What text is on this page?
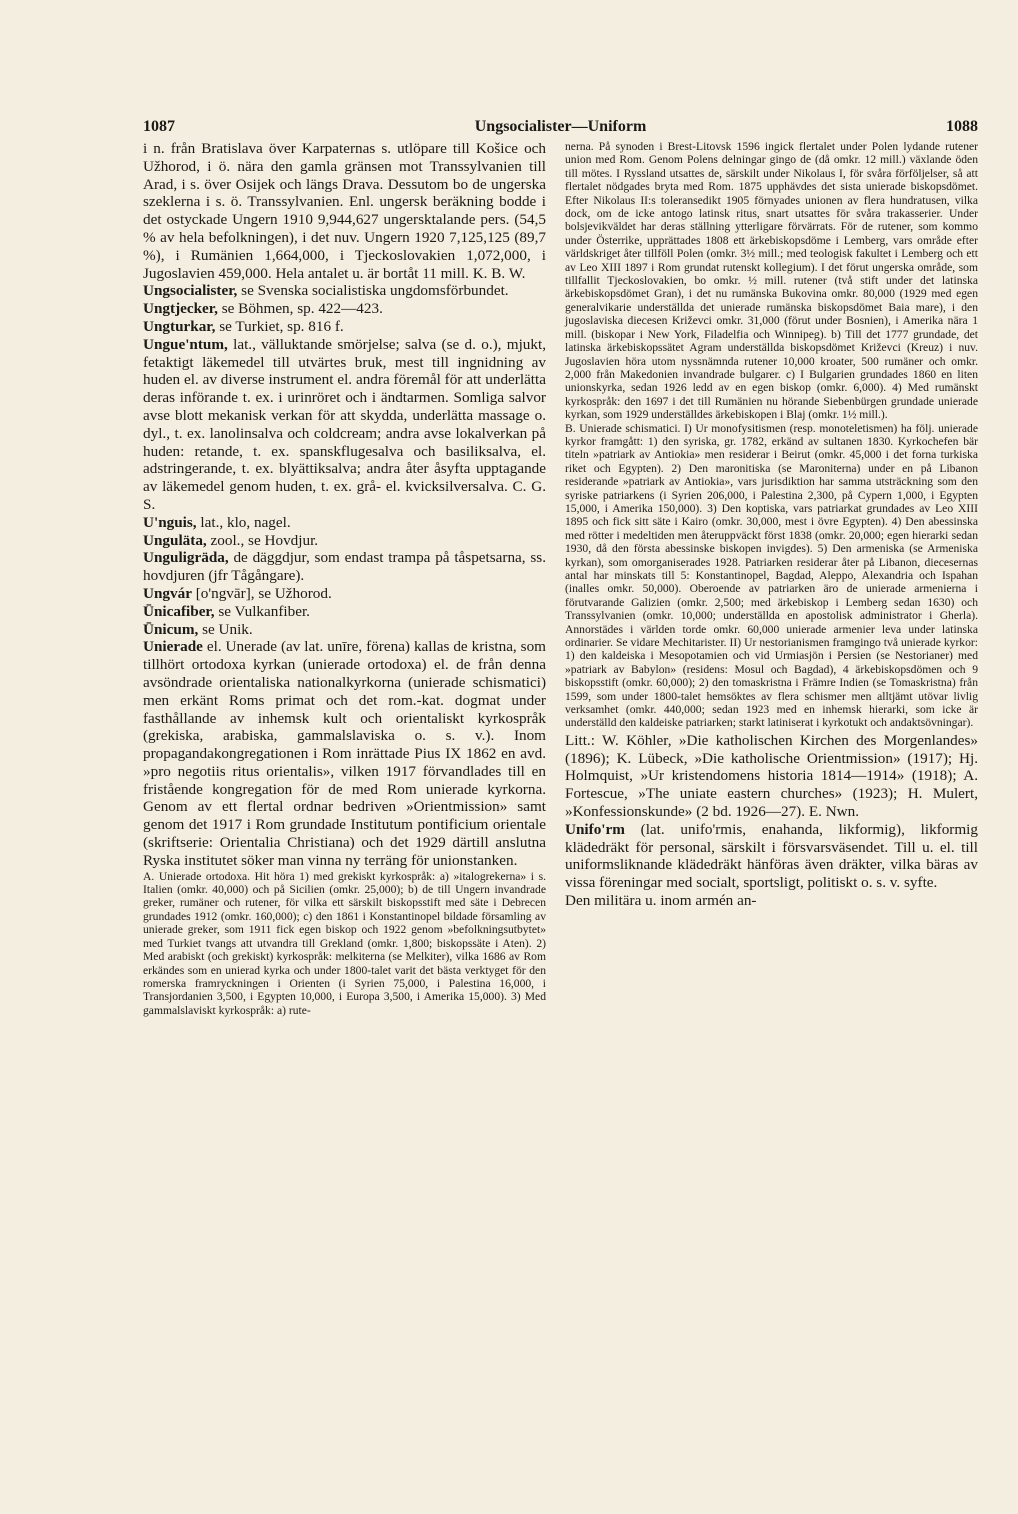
1087	Ungsocialister—Uniform	1088

i n. från Bratislava över Karpaternas s. utlöpare till Košice och Užhorod, i ö. nära den gamla gränsen mot Transsylvanien till Arad, i s. över Osijek och längs Drava. Dessutom bo de ungerska szeklerna i s. ö. Transsylvanien. Enl. ungersk beräkning bodde i det ostyckade Ungern 1910 9,944,627 ungersktalande pers. (54,5 % av hela befolkningen), i det nuv. Ungern 1920 7,125,125 (89,7 %), i Rumänien 1,664,000, i Tjeckoslovakien 1,072,000, i Jugoslavien 459,000. Hela antalet u. är bortåt 11 mill. K. B. W.

Ungsocialister, se Svenska socialistiska ungdomsförbundet.

Ungtjecker, se Böhmen, sp. 422—423.

Ungturkar, se Turkiet, sp. 816 f.

Ungue'ntum, lat., välluktande smörjelse; salva (se d. o.), mjukt, fetaktigt läkemedel till utvärtes bruk, mest till ingnidning av huden el. av diverse instrument el. andra föremål för att underlätta deras införande t. ex. i urinröret och i ändtarmen. Somliga salvor avse blott mekanisk verkan för att skydda, underlätta massage o. dyl., t. ex. lanolinsalva och coldcream; andra avse lokalverkan på huden: retande, t. ex. spanskflugesalva och basiliksalva, el. adstringerande, t. ex. blyättiksalva; andra åter åsyfta upptagande av läkemedel genom huden, t. ex. grå- el. kvicksilversalva. C. G. S.

U'nguis, lat., klo, nagel.

Unguläta, zool., se Hovdjur.

Unguligräda, de däggdjur, som endast trampa på tåspetsarna, ss. hovdjuren (jfr Tågångare).

Ungvár [o'ngvār], se Užhorod.

Ūnicafiber, se Vulkanfiber.

Ūnicum, se Unik.

Unierade el. Unerade (av lat. unīre, förena) kallas de kristna, som tillhört ortodoxa kyrkan (unierade ortodoxa) el. de från denna avsöndrade orientaliska nationalkyrkorna (unierade schismatici) men erkänt Roms primat och det rom.-kat. dogmat under fasthållande av inhemsk kult och orientaliskt kyrkospråk (grekiska, arabiska, gammalslaviska o. s. v.). Inom propagandakongregationen i Rom inrättade Pius IX 1862 en avd. »pro negotiis ritus orientalis», vilken 1917 förvandlades till en fristående kongregation för de med Rom unierade kyrkorna. Genom av ett flertal ordnar bedriven »Orientmission» samt genom det 1917 i Rom grundade Institutum pontificium orientale (skriftserie: Orientalia Christiana) och det 1929 därtill anslutna Ryska institutet söker man vinna ny terräng för unionstanken.

A. Unierade ortodoxa. Hit höra 1) med grekiskt kyrkospråk: a) »italogrekerna» i s. Italien (omkr. 40,000) och på Sicilien (omkr. 25,000); b) de till Ungern invandrade greker, rumäner och rutener, för vilka ett särskilt biskopsstift med säte i Debrecen grundades 1912 (omkr. 160,000); c) den 1861 i Konstantinopel bildade församling av unierade greker, som 1911 fick egen biskop och 1922 genom »befolkningsutbytet» med Turkiet tvangs att utvandra till Grekland (omkr. 1,800; biskopssäte i Aten). 2) Med arabiskt (och grekiskt) kyrkospråk: melkiterna (se Melkiter), vilka 1686 av Rom erkändes som en unierad kyrka och under 1800-talet varit det bästa verktyget för den romerska framryckningen i Orienten (i Syrien 75,000, i Palestina 16,000, i Transjordanien 3,500, i Egypten 10,000, i Europa 3,500, i Amerika 15,000). 3) Med gammalslaviskt kyrkospråk: a) rute-

nerna. På synoden i Brest-Litovsk 1596 ingick flertalet under Polen lydande rutener union med Rom. Genom Polens delningar gingo de (då omkr. 12 mill.) växlande öden till mötes. I Ryssland utsattes de, särskilt under Nikolaus I, för svåra förföljelser, så att flertalet nödgades bryta med Rom. 1875 upphävdes det sista unierade biskopsdömet. Efter Nikolaus II:s toleransedikt 1905 förnyades unionen av flera hundratusen, vilka dock, om de icke antogo latinsk ritus, snart utsattes för svåra trakasserier. Under bolsjevikväldet har deras ställning ytterligare förvärrats. För de rutener, som kommo under Österrike, upprättades 1808 ett ärkebiskopsdöme i Lemberg, vars område efter världskriget åter tillföll Polen (omkr. 3½ mill.; med teologisk fakultet i Lemberg och ett av Leo XIII 1897 i Rom grundat rutenskt kollegium). I det förut ungerska område, som tillfallit Tjeckoslovakien, bo omkr. ½ mill. rutener (två stift under det latinska ärkebiskopsdömet Gran), i det nu rumänska Bukovina omkr. 80,000 (1929 med egen generalvikarie underställda det unierade rumänska biskopsdömet Baia mare), i den jugoslaviska diecesen Križevci omkr. 31,000 (förut under Bosnien), i Amerika nära 1 mill. (biskopar i New York, Filadelfia och Winnipeg). b) Till det 1777 grundade, det latinska ärkebiskopssätet Agram underställda biskopsdömet Križevci (Kreuz) i nuv. Jugoslavien höra utom nyssnämnda rutener 10,000 kroater, 500 rumäner och omkr. 2,000 från Makedonien invandrade bulgarer. c) I Bulgarien grundades 1860 en liten unionskyrka, sedan 1926 ledd av en egen biskop (omkr. 6,000). 4) Med rumänskt kyrkospråk: den 1697 i det till Rumänien nu hörande Siebenbürgen grundade unierade kyrkan, som 1929 underställdes ärkebiskopen i Blaj (omkr. 1½ mill.).

B. Unierade schismatici. I) Ur monofysitismen (resp. monoteletismen) ha följ. unierade kyrkor framgått: 1) den syriska, gr. 1782, erkänd av sultanen 1830. Kyrkochefen bär titeln »patriark av Antiokia» men residerar i Beirut (omkr. 45,000 i det forna turkiska riket och Egypten). 2) Den maronitiska (se Maroniterna) under en på Libanon residerande »patriark av Antiokia», vars jurisdiktion har samma utsträckning som den syriske patriarkens (i Syrien 206,000, i Palestina 2,300, på Cypern 1,000, i Egypten 15,000, i Amerika 150,000). 3) Den koptiska, vars patriarkat grundades av Leo XIII 1895 och fick sitt säte i Kairo (omkr. 30,000, mest i övre Egypten). 4) Den abessinska med rötter i medeltiden men återuppväckt först 1838 (omkr. 20,000; egen hierarki sedan 1930, då den första abessinske biskopen invigdes). 5) Den armeniska (se Armeniska kyrkan), som omorganiserades 1928. Patriarken residerar åter på Libanon, diecesernas antal har minskats till 5: Konstantinopel, Bagdad, Aleppo, Alexandria och Ispahan (inalles omkr. 50,000). Oberoende av patriarken äro de unierade armenierna i förutvarande Galizien (omkr. 2,500; med ärkebiskop i Lemberg sedan 1630) och Transsylvanien (omkr. 10,000; underställda en apostolisk administrator i Gherla). Annorstädes i världen torde omkr. 60,000 unierade armenier leva under latinska ordinarier. Se vidare Mechitarister. II) Ur nestorianismen framgingo två unierade kyrkor: 1) den kaldeiska i Mesopotamien och vid Urmiasjön i Persien (se Nestorianer) med »patriark av Babylon» (residens: Mosul och Bagdad), 4 ärkebiskopsdömen och 9 biskopsstift (omkr. 60,000); 2) den tomaskristna i Främre Indien (se Tomaskristna) från 1599, som under 1800-talet hemsöktes av flera schismer men alltjämt utövar livlig verksamhet (omkr. 440,000; sedan 1923 med en inhemsk hierarki, som icke är underställd den kaldeiske patriarken; starkt latiniserat i kyrkotukt och andaktsövningar).

Litt.: W. Köhler, »Die katholischen Kirchen des Morgenlandes» (1896); K. Lübeck, »Die katholische Orientmission» (1917); Hj. Holmquist, »Ur kristendomens historia 1814—1914» (1918); A. Fortescue, »The uniate eastern churches» (1923); H. Mulert, »Konfessionskunde» (2 bd. 1926—27). E. Nwn.

Unifo'rm (lat. unifo'rmis, enahanda, likformig), likformig klädedräkt för personal, särskilt i försvarsväsendet. Till u. el. till uniformsliknande klädedräkt hänföras även dräkter, vilka bäras av vissa föreningar med socialt, sportsligt, politiskt o. s. v. syfte.

Den militära u. inom armén an-
